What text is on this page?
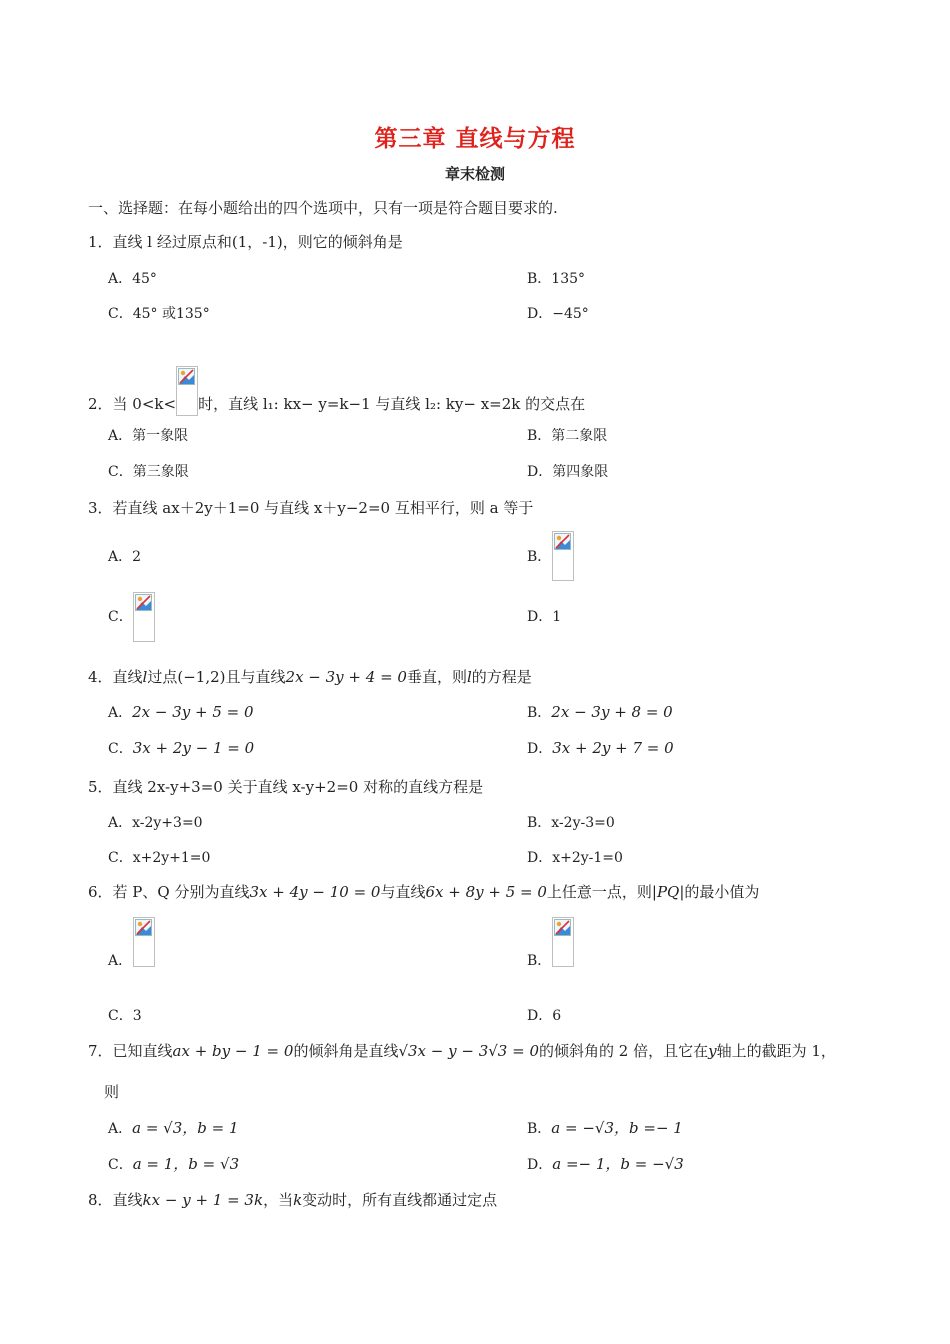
第三章 直线与方程
章末检测
一、选择题：在每小题给出的四个选项中，只有一项是符合题目要求的.
1．直线 l 经过原点和(1，-1)，则它的倾斜角是
A．45°	B．135°
C．45° 或135°	D．−45°
2．当 0<k< 时，直线 l₁: kx− y=k−1 与直线 l₂: ky− x=2k 的交点在
A．第一象限	B．第二象限
C．第三象限	D．第四象限
3．若直线 ax＋2y＋1=0 与直线 x＋y−2=0 互相平行，则 a 等于
A．2	B．
C．	D．1
4．直线l过点(−1,2)且与直线2x − 3y + 4 = 0垂直，则l的方程是
A．2x − 3y + 5 = 0	B．2x − 3y + 8 = 0
C．3x + 2y − 1 = 0	D．3x + 2y + 7 = 0
5．直线 2x-y+3=0 关于直线 x-y+2=0 对称的直线方程是
A．x-2y+3=0	B．x-2y-3=0
C．x+2y+1=0	D．x+2y-1=0
6．若 P、Q 分别为直线3x + 4y − 10 = 0与直线6x + 8y + 5 = 0上任意一点，则|PQ|的最小值为
A．	B．
C．3	D．6
7．已知直线ax + by − 1 = 0的倾斜角是直线√3x − y − 3√3 = 0的倾斜角的 2 倍，且它在y轴上的截距为 1，
则
A．a = √3，b = 1	B．a = −√3，b =− 1
C．a = 1，b = √3	D．a =− 1，b = −√3
8．直线kx − y + 1 = 3k，当k变动时，所有直线都通过定点
